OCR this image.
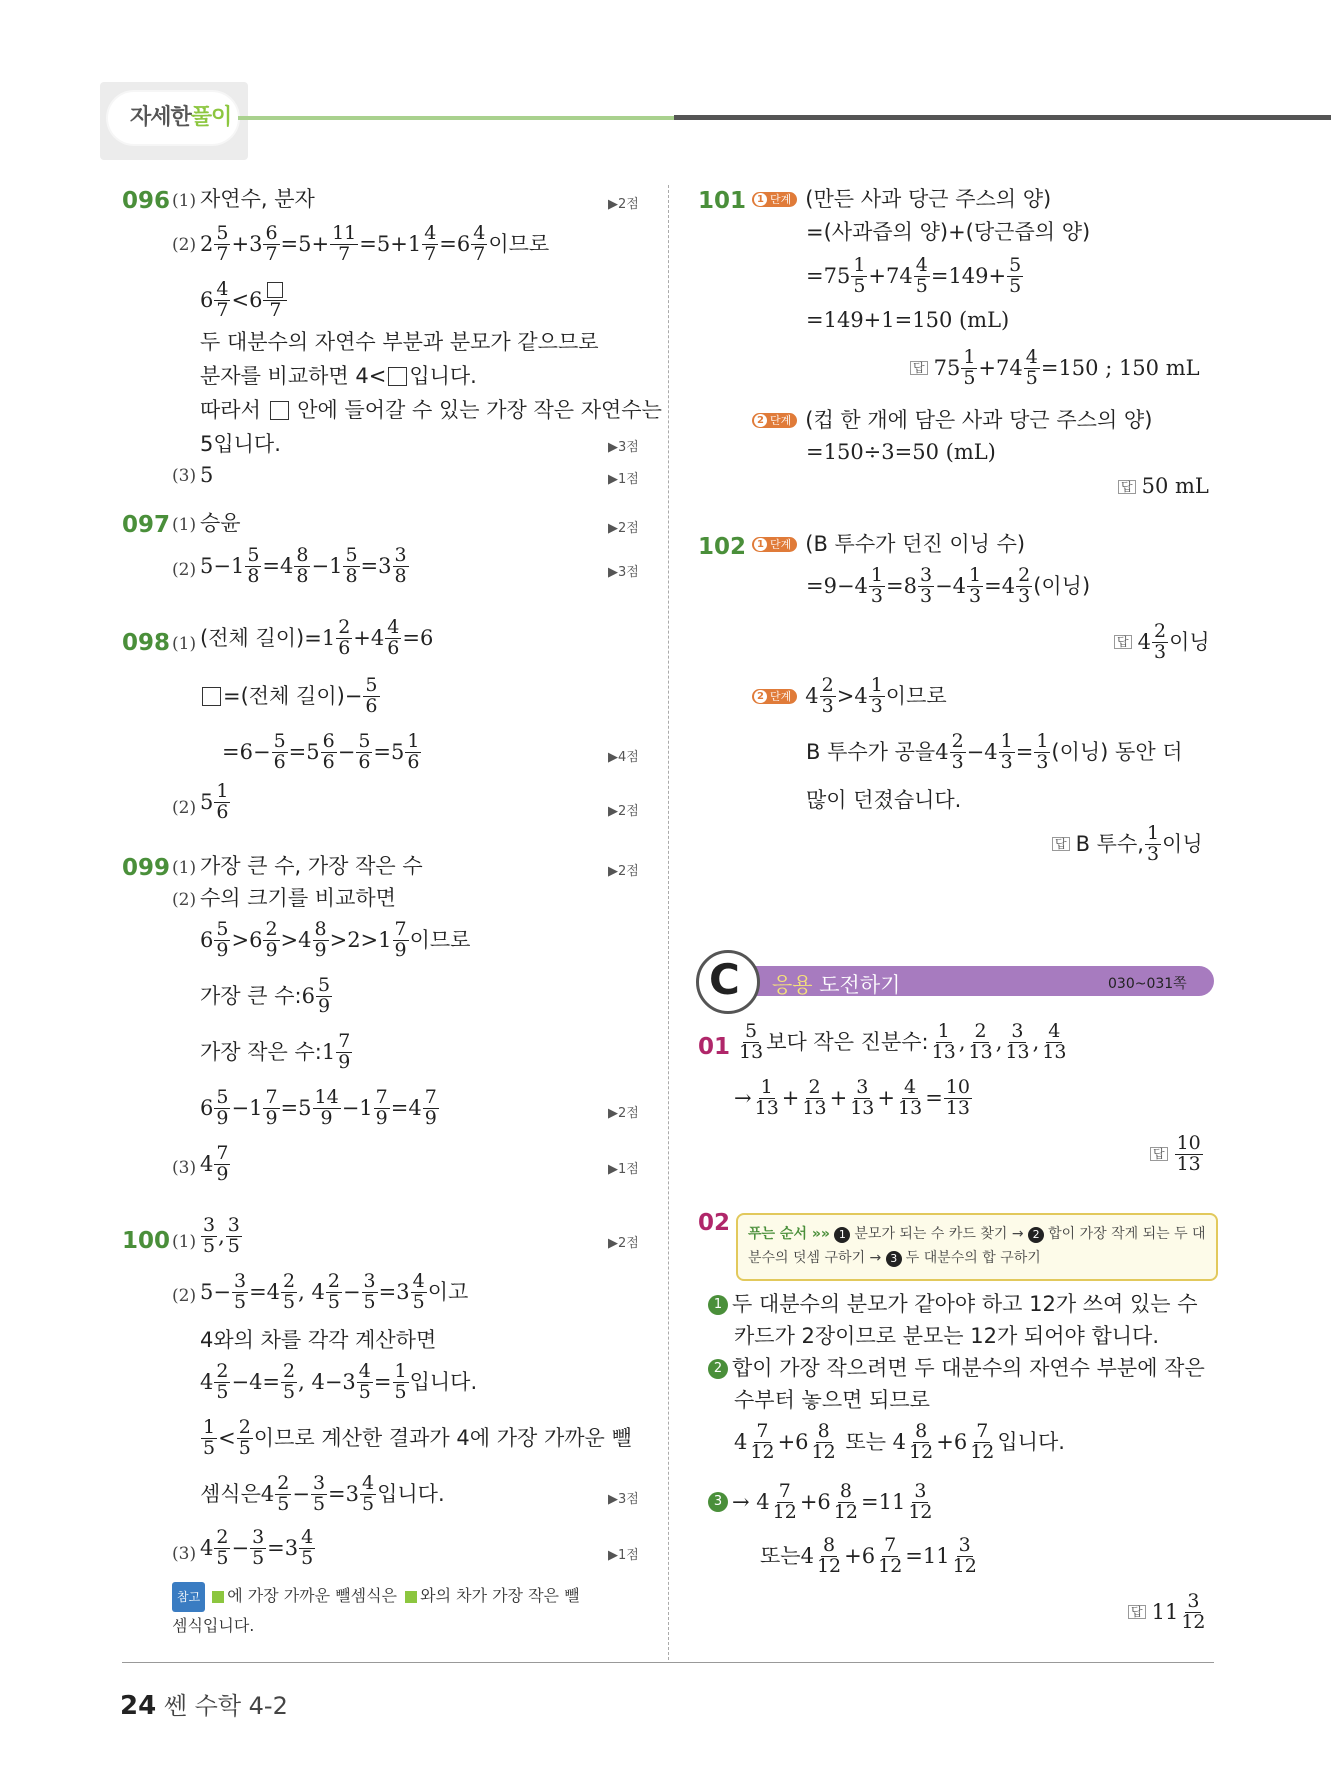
자세한풀이
096 (1) 자연수, 분자	▶2점
(2) 2 5
7 +3 6
7 =5+ 11
7 =5+1 4
7 =6 4
7 이므로
6 4
7 <6 7
두 대분수의 자연수 부분과 분모가 같으므로
분자를 비교하면 4< 입니다.
따라서

안에 들어갈 수 있는 가장 작은 자연수는
5입니다.	▶3점
(3) 5	▶1점
097 (1) 승윤	▶2점
(2) 5−1 5
8 =4 8
8 −1 5
8 =3 3
8	▶3점
098 (1) (전체 길이)= $1 \frac{2}{6} +4$ 4
6 =6
=(전체 길이)− $\frac{5}{6}$
=6− 5
6 =5 6
6 − 5
6 =5 1
6	▶4점
(2) 5 1
6	▶2점
099 (1) 가장 큰 수, 가장 작은 수	▶2점
(2) 수의 크기를 비교하면
6 5
9 >6 2
9 >4 8
9 >2>1 7
9 이므로
가장 큰 수: 6 5
9
가장 작은 수: 1 7
9
6 5
9 −1 7
9 =5 14
9 −1 7
9 =4 7
9	▶2점
(3) 4 7
9	▶1점
100 (1)
3
5 , 3
5	▶2점
(2) 5− 3
5 =4 2
5 , 4 2
5 − 3
5 =3 4
5 이고
4와의 차를 각각 계산하면
4 2
5 −4= 2
5 , 4−3 4
5 = 1
5 입니다.
1
5 < 2
5 이므로 계산한 결과가 4에 가장 가까운 뺄
셈식은 4 2
5 − 3
5 =3 4
5 입니다.	▶3점
(3) 4 2
5 − 3
5 =3 4
5	▶1점
참고 에 가장 가까운 뺄셈식은 와의 차가 가장 작은 뺄
셈식입니다.
101	1 단계 (만든 사과 당근 주스의 양)
=(사과즙의 양)+(당근즙의 양)
=75 1
5 +74 4
5 =149+ 5
5
=149+1=150 (mL)
답 75 1
$5 +74 \frac{4}{5} =150$ ; 150 mL
2 단계 (컵 한 개에 담은 사과 당근 주스의 양)
=150÷3=50 (mL)
답 50 mL
102	1 단계 (B 투수가 던진 이닝 수)
=9−4 1
3 =8 3
3 −4 1
3 =4 2
3 (이닝)
답 4 2
3 이닝
2 단계 4 2
3 >4 1
3 이므로
B 투수가 공을 4 2
3 −4 1
3 = 1
3 (이닝) 동안 더
많이 던졌습니다.
답 B 투수, 1
3 이닝
C 응용 도전하기	030~031쪽
01
5
13 보다 작은 진분수: 1
13 , 2
13 , 3
13 , 4
13
→ 1
13 + 2
13 + 3
13 + 4
13 = 10
13
답
10
13
02 푸는 순서 »» 1 분모가 되는 수 카드 찾기 → 2 합이 가장 작게 되는 두 대분수의 덧셈 구하기 → 3 두 대분수의 합 구하기
1 두 대분수의 분모가 같아야 하고 12가 쓰여 있는 수
카드가 2장이므로 분모는 12가 되어야 합니다.
2 합이 가장 작으려면 두 대분수의 자연수 부분에 작은
수부터 놓으면 되므로
4 7
12 +6 8
12
또는 4 8
12 +6 7
12 입니다.
3 → 4 7
12 +6 8
12 =11 3
12
또는 4 8
12 +6 7
12 =11 3
12
답 11 3
12
24 쎈 수학 4-2
